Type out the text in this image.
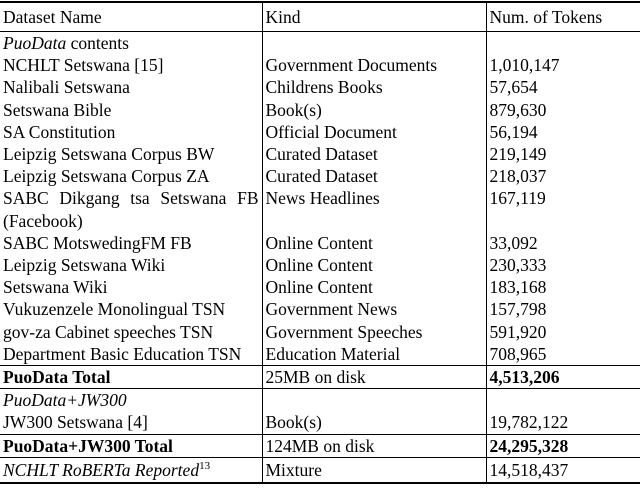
Dataset Name	Kind	Num. of Tokens
PuoData contents		
NCHLT Setswana [15]	Government Documents	1,010,147
Nalibali Setswana	Childrens Books	57,654
Setswana Bible	Book(s)	879,630
SA Constitution	Official Document	56,194
Leipzig Setswana Corpus BW	Curated Dataset	219,149
Leipzig Setswana Corpus ZA	Curated Dataset	218,037
SABC Dikgang tsa Setswana FB (Facebook)	News Headlines	167,119
SABC MotswedingFM FB	Online Content	33,092
Leipzig Setswana Wiki	Online Content	230,333
Setswana Wiki	Online Content	183,168
Vukuzenzele Monolingual TSN	Government News	157,798
gov-za Cabinet speeches TSN	Government Speeches	591,920
Department Basic Education TSN	Education Material	708,965
PuoData Total	25MB on disk	4,513,206
PuoData+JW300		
JW300 Setswana [4]	Book(s)	19,782,122
PuoData+JW300 Total	124MB on disk	24,295,328
NCHLT RoBERTa Reported$^{13}$	Mixture	14,518,437
